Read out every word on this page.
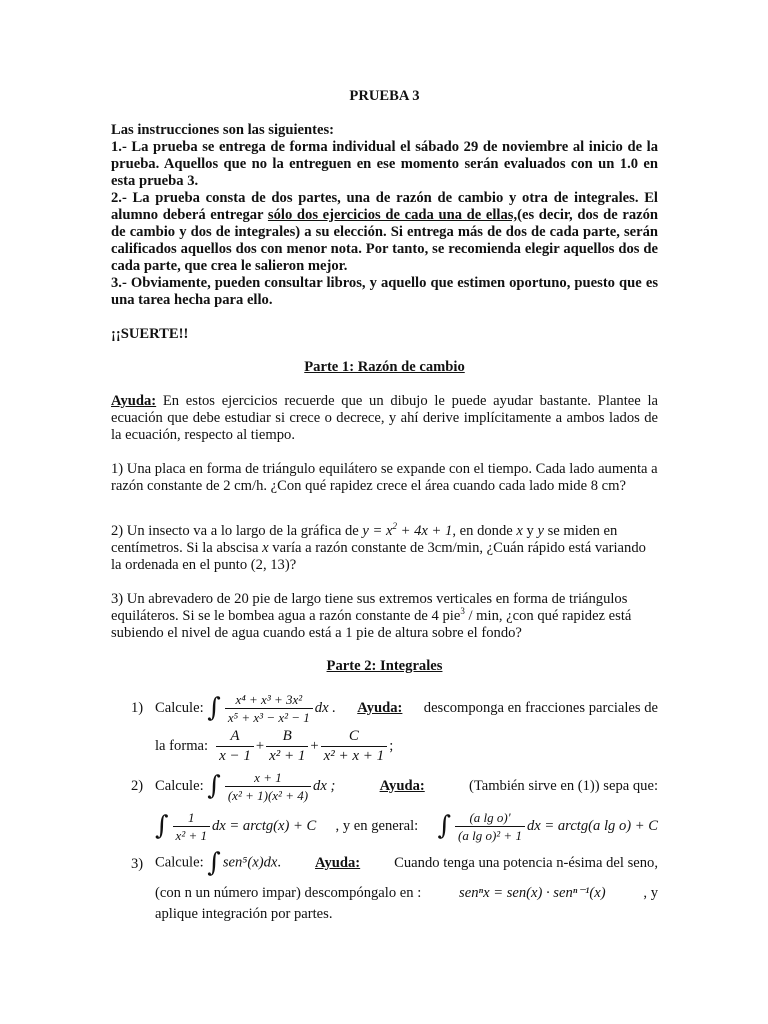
PRUEBA 3

Las instrucciones son las siguientes:

1.- La prueba se entrega de forma individual el sábado 29 de noviembre al inicio de la prueba. Aquellos que no la entreguen en ese momento serán evaluados con un 1.0 en esta prueba 3.

2.- La prueba consta de dos partes, una de razón de cambio y otra de integrales. El alumno deberá entregar sólo dos ejercicios de cada una de ellas,(es decir, dos de razón de cambio y dos de integrales) a su elección. Si entrega más de dos de cada parte, serán calificados aquellos dos con menor nota. Por tanto, se recomienda elegir aquellos dos de cada parte, que crea le salieron mejor.

3.- Obviamente, pueden consultar libros, y aquello que estimen oportuno, puesto que es una tarea hecha para ello.

¡¡SUERTE!!
Parte 1: Razón de cambio
Ayuda: En estos ejercicios recuerde que un dibujo le puede ayudar bastante. Plantee la ecuación que debe estudiar si crece o decrece, y ahí derive implícitamente a ambos lados de la ecuación, respecto al tiempo.
1) Una placa en forma de triángulo equilátero se expande con el tiempo. Cada lado aumenta a razón constante de 2 cm/h. ¿Con qué rapidez crece el área cuando cada lado mide 8 cm?
2) Un insecto va a lo largo de la gráfica de $y = x^2 + 4x + 1$, en donde x y y se miden en centímetros. Si la abscisa x varía a razón constante de 3cm/min, ¿Cuán rápido está variando la ordenada en el punto (2, 13)?
3) Un abrevadero de 20 pie de largo tiene sus extremos verticales en forma de triángulos equiláteros. Si se le bombea agua a razón constante de 4 pie$^3$ / min, ¿con qué rapidez está subiendo el nivel de agua cuando está a 1 pie de altura sobre el fondo?
Parte 2: Integrales
1) Calcule: ∫ $\frac{\text{x⁴ + x³ + 3x²}}{\text{x⁵ + x³ − x² − 1}}$ dx . Ayuda: descomponga en fracciones parciales de
la forma: $\frac{A}{x - 1} + \frac{B}{\text{x² + 1}} + \frac{C}{\text{x² + x + 1}}$ ;
2) Calcule: ∫ $\frac{x + 1}{\text{(x² + 1)(x² + 4)}}$ dx ;	Ayuda:	(También sirve en (1)) sepa que:
∫ $\frac{1}{\text{x² + 1}}$ dx = arctg(x) + C , y en general: ∫ $\frac{\text{(a lg o)'}}{\text{(a lg o)² + 1}}$ dx = arctg(a lg o) + C
3) Calcule: ∫ sen⁵(x)dx. Ayuda: Cuando tenga una potencia n-ésima del seno,
(con n un número impar) descompóngalo en :	senⁿx = sen(x) · senⁿ⁻¹(x)	, y
aplique integración por partes.
